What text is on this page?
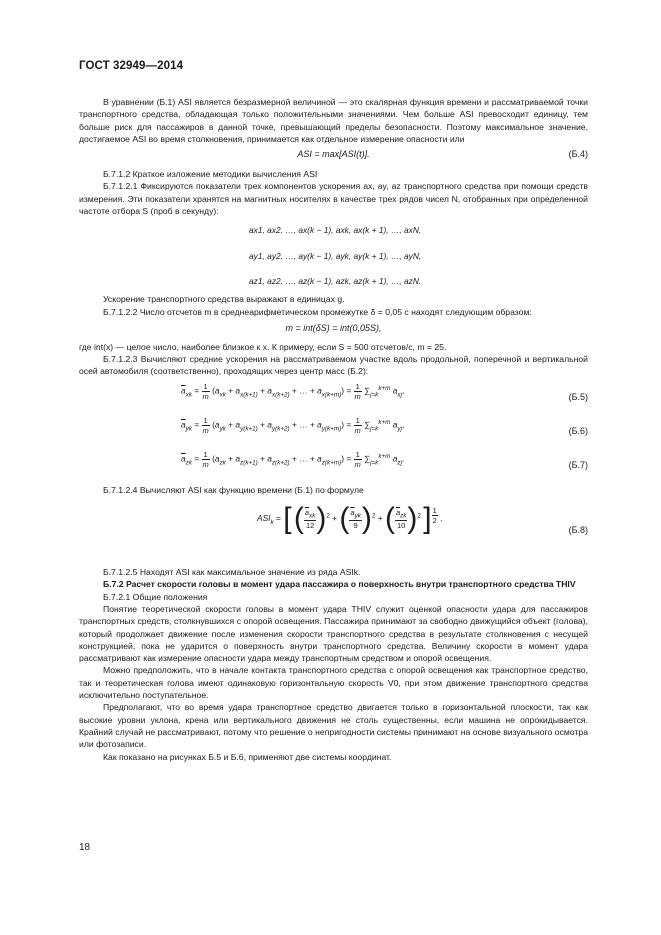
ГОСТ 32949—2014

В уравнении (Б.1) ASI является безразмерной величиной — это скалярная функция времени и рассматриваемой точки транспортного средства, обладающая только положительными значениями. Чем больше ASI превосходит единицу, тем больше риск для пассажиров в данной точке, превышающий пределы безопасности. Поэтому максимальное значение, достигаемое ASI во время столкновения, принимается как отдельное измерение опасности или

ASI = max[ASI(t)].	(Б.4)

Б.7.1.2 Краткое изложение методики вычисления ASI

Б.7.1.2.1 Фиксируются показатели трех компонентов ускорения ax, ay, az транспортного средства при помощи средств измерения. Эти показатели хранятся на магнитных носителях в качестве трех рядов чисел N, отобранных при определенной частоте отбора S (проб в секунду):

ax1, ax2, …, ax(k − 1), axk, ax(k + 1), …, axN,

ay1, ay2, …, ay(k − 1), ayk, ay(k + 1), …, ayN,

az1, az2, …, az(k − 1), azk, az(k + 1), …, azN.

Ускорение транспортного средства выражают в единицах g.

Б.7.1.2.2 Число отсчетов m в среднеарифметическом промежутке δ = 0,05 с находят следующим образом:

m = int(δS) = int(0,05S),

где int(x) — целое число, наиболее близкое к x. К примеру, если S = 500 отсчетов/с, m = 25.

Б.7.1.2.3 Вычисляют средние ускорения на рассматриваемом участке вдоль продольной, поперечной и вертикальной осей автомобиля (соответственно), проходящих через центр масс (Б.2):

$\overline{a}_{xk} = \frac{1}{m} (a_{xk} + a_{x(k+1)} + a_{x(k+2)}$ + … + $a_{x(k+m)}) = \frac{1}{m} \sum_{j=k}^{k+m}$ $a_{xj}$,
(Б.5)
$\overline{a}_{yk} = \frac{1}{m} (a_{yk} + a_{y(k+1)} + a_{y(k+2)}$ + … + $a_{y(k+m)}) = \frac{1}{m} \sum_{j=k}^{k+m}$ $a_{yj}$,
(Б.6)
$\overline{a}_{zk} = \frac{1}{m} (a_{zk} + a_{z(k+1)} + a_{z(k+2)}$ + … + $a_{z(k+m)}) = \frac{1}{m} \sum_{j=k}^{k+m}$ $a_{zj}$.
(Б.7)

Б.7.1.2.4 Вычисляют ASI как функцию времени (Б.1) по формуле

$ASI_k$ = [ ( $\frac{\overline{a}_{xk}}{12} )^2$ + ( $\frac{\overline{a}_{yk}}{9} )^2$ + ( $\frac{\overline{a}_{zk}}{10} )^2$ ] $^{\frac{1}{2}}$ .
(Б.8)

Б.7.1.2.5 Находят ASI как максимальное значение из ряда ASIk.

Б.7.2 Расчет скорости головы в момент удара пассажира о поверхность внутри транспортного средства THIV

Б.7.2.1 Общие положения

Понятие теоретической скорости головы в момент удара THIV служит оценкой опасности удара для пассажиров транспортных средств, столкнувшихся с опорой освещения. Пассажира принимают за свободно движущийся объект (голова), который продолжает движение после изменения скорости транспортного средства в результате столкновения с несущей конструкцией, пока не ударится о поверхность внутри транспортного средства. Величину скорости в момент удара рассматривают как измерение опасности удара между транспортным средством и опорой освещения.

Можно предположить, что в начале контакта транспортного средства с опорой освещения как транспортное средство, так и теоретическая голова имеют одинаковую горизонтальную скорость V0, при этом движение транспортного средства исключительно поступательное.

Предполагают, что во время удара транспортное средство двигается только в горизонтальной плоскости, так как высокие уровни уклона, крена или вертикального движения не столь существенны, если машина не опрокидывается. Крайний случай не рассматривают, потому что решение о непригодности системы принимают на основе визуального осмотра или фотозаписи.

Как показано на рисунках Б.5 и Б.6, применяют две системы координат.

18
